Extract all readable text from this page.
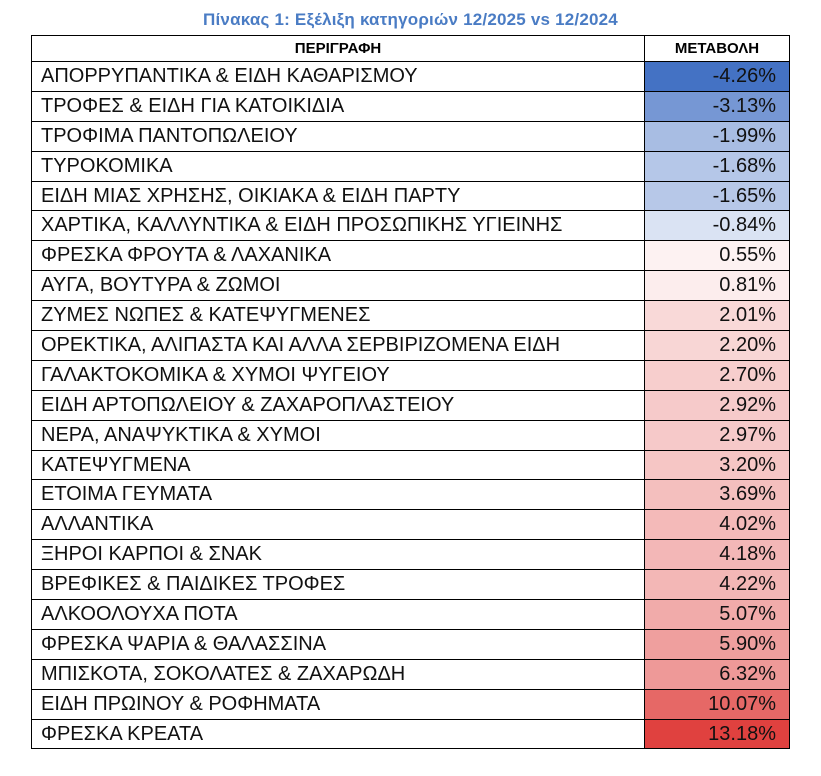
Πίνακας 1: Εξέλιξη κατηγοριών 12/2025 vs 12/2024
ΠΕΡΙΓΡΑΦΗ	ΜΕΤΑΒΟΛΗ
ΑΠΟΡΡΥΠΑΝΤΙΚΑ & ΕΙΔΗ ΚΑΘΑΡΙΣΜΟΥ	-4.26%
ΤΡΟΦΕΣ & ΕΙΔΗ ΓΙΑ ΚΑΤΟΙΚΙΔΙΑ	-3.13%
ΤΡΟΦΙΜΑ ΠΑΝΤΟΠΩΛΕΙΟΥ	-1.99%
ΤΥΡΟΚΟΜΙΚΑ	-1.68%
ΕΙΔΗ ΜΙΑΣ ΧΡΗΣΗΣ, ΟΙΚΙΑΚΑ & ΕΙΔΗ ΠΑΡΤΥ	-1.65%
ΧΑΡΤΙΚΑ, ΚΑΛΛΥΝΤΙΚΑ & ΕΙΔΗ ΠΡΟΣΩΠΙΚΗΣ ΥΓΙΕΙΝΗΣ	-0.84%
ΦΡΕΣΚΑ ΦΡΟΥΤΑ & ΛΑΧΑΝΙΚΑ	0.55%
ΑΥΓΑ, ΒΟΥΤΥΡΑ & ΖΩΜΟΙ	0.81%
ΖΥΜΕΣ ΝΩΠΕΣ & ΚΑΤΕΨΥΓΜΕΝΕΣ	2.01%
ΟΡΕΚΤΙΚΑ, ΑΛΙΠΑΣΤΑ ΚΑΙ ΑΛΛΑ ΣΕΡΒΙΡΙΖΟΜΕΝΑ ΕΙΔΗ	2.20%
ΓΑΛΑΚΤΟΚΟΜΙΚΑ & ΧΥΜΟΙ ΨΥΓΕΙΟΥ	2.70%
ΕΙΔΗ ΑΡΤΟΠΩΛΕΙΟΥ & ΖΑΧΑΡΟΠΛΑΣΤΕΙΟΥ	2.92%
ΝΕΡΑ, ΑΝΑΨΥΚΤΙΚΑ & ΧΥΜΟΙ	2.97%
ΚΑΤΕΨΥΓΜΕΝΑ	3.20%
ΕΤΟΙΜΑ ΓΕΥΜΑΤΑ	3.69%
ΑΛΛΑΝΤΙΚΑ	4.02%
ΞΗΡΟΙ ΚΑΡΠΟΙ & ΣΝΑΚ	4.18%
ΒΡΕΦΙΚΕΣ & ΠΑΙΔΙΚΕΣ ΤΡΟΦΕΣ	4.22%
ΑΛΚΟΟΛΟΥΧΑ ΠΟΤΑ	5.07%
ΦΡΕΣΚΑ ΨΑΡΙΑ & ΘΑΛΑΣΣΙΝΑ	5.90%
ΜΠΙΣΚΟΤΑ, ΣΟΚΟΛΑΤΕΣ & ΖΑΧΑΡΩΔΗ	6.32%
ΕΙΔΗ ΠΡΩΙΝΟΥ & ΡΟΦΗΜΑΤΑ	10.07%
ΦΡΕΣΚΑ ΚΡΕΑΤΑ	13.18%
